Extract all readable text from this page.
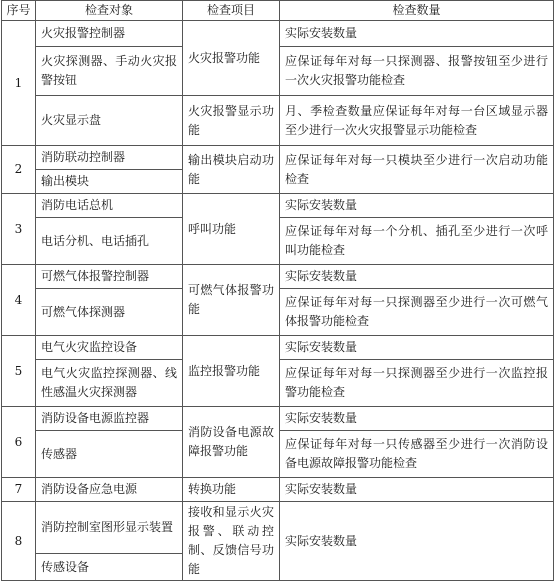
序号	检查对象	检查项目	检查数量
1	火灾报警控制器	火灾报警功能	实际安装数量
	火灾探测器、手动火灾报警按钮		应保证每年对每一只探测器、报警按钮至少进行一次火灾报警功能检查
	火灾显示盘	火灾报警显示功能	月、季检查数量应保证每年对每一台区域显示器至少进行一次火灾报警显示功能检查
2	消防联动控制器	输出模块启动功能	应保证每年对每一只模块至少进行一次启动功能检查
	输出模块		
3	消防电话总机	呼叫功能	实际安装数量
	电话分机、电话插孔		应保证每年对每一个分机、插孔至少进行一次呼叫功能检查
4	可燃气体报警控制器	可燃气体报警功能	实际安装数量
	可燃气体探测器		应保证每年对每一只探测器至少进行一次可燃气体报警功能检查
5	电气火灾监控设备	监控报警功能	实际安装数量
	电气火灾监控探测器、线性感温火灾探测器		应保证每年对每一只探测器至少进行一次监控报警功能检查
6	消防设备电源监控器	消防设备电源故障报警功能	实际安装数量
	传感器		应保证每年对每一只传感器至少进行一次消防设备电源故障报警功能检查
7	消防设备应急电源	转换功能	实际安装数量
8	消防控制室图形显示装置	接收和显示火灾报警、联动控制、反馈信号功能	实际安装数量
	传感设备		
